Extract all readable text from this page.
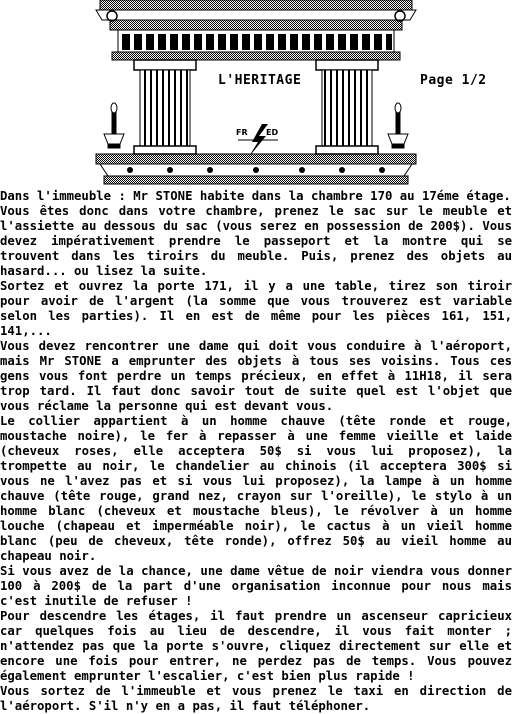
L'HERITAGE	Page 1/2
FR ED

Dans l'immeuble : Mr STONE habite dans la chambre 170 au 17éme étage.

Vous êtes donc dans votre chambre, prenez le sac sur le meuble et l'assiette au dessous du sac (vous serez en possession de 200$). Vous devez impérativement prendre le passeport et la montre qui se trouvent dans les tiroirs du meuble. Puis, prenez des objets au hasard... ou lisez la suite.

Sortez et ouvrez la porte 171, il y a une table, tirez son tiroir pour avoir de l'argent (la somme que vous trouverez est variable selon les parties). Il en est de même pour les pièces 161, 151, 141,...

Vous devez rencontrer une dame qui doit vous conduire à l'aéroport, mais Mr STONE a emprunter des objets à tous ses voisins. Tous ces gens vous font perdre un temps précieux, en effet à 11H18, il sera trop tard. Il faut donc savoir tout de suite quel est l'objet que vous réclame la personne qui est devant vous.

Le collier appartient à un homme chauve (tête ronde et rouge, moustache noire), le fer à repasser à une femme vieille et laide (cheveux roses, elle acceptera 50$ si vous lui proposez), la trompette au noir, le chandelier au chinois (il acceptera 300$ si vous ne l'avez pas et si vous lui proposez), la lampe à un homme chauve (tête rouge, grand nez, crayon sur l'oreille), le stylo à un homme blanc (cheveux et moustache bleus), le révolver à un homme louche (chapeau et imperméable noir), le cactus à un vieil homme blanc (peu de cheveux, tête ronde), offrez 50$ au vieil homme au chapeau noir.

Si vous avez de la chance, une dame vêtue de noir viendra vous donner 100 à 200$ de la part d'une organisation inconnue pour nous mais c'est inutile de refuser !

Pour descendre les étages, il faut prendre un ascenseur capricieux car quelques fois au lieu de descendre, il vous fait monter ; n'attendez pas que la porte s'ouvre, cliquez directement sur elle et encore une fois pour entrer, ne perdez pas de temps. Vous pouvez également emprunter l'escalier, c'est bien plus rapide !

Vous sortez de l'immeuble et vous prenez le taxi en direction de l'aéroport. S'il n'y en a pas, il faut téléphoner.
